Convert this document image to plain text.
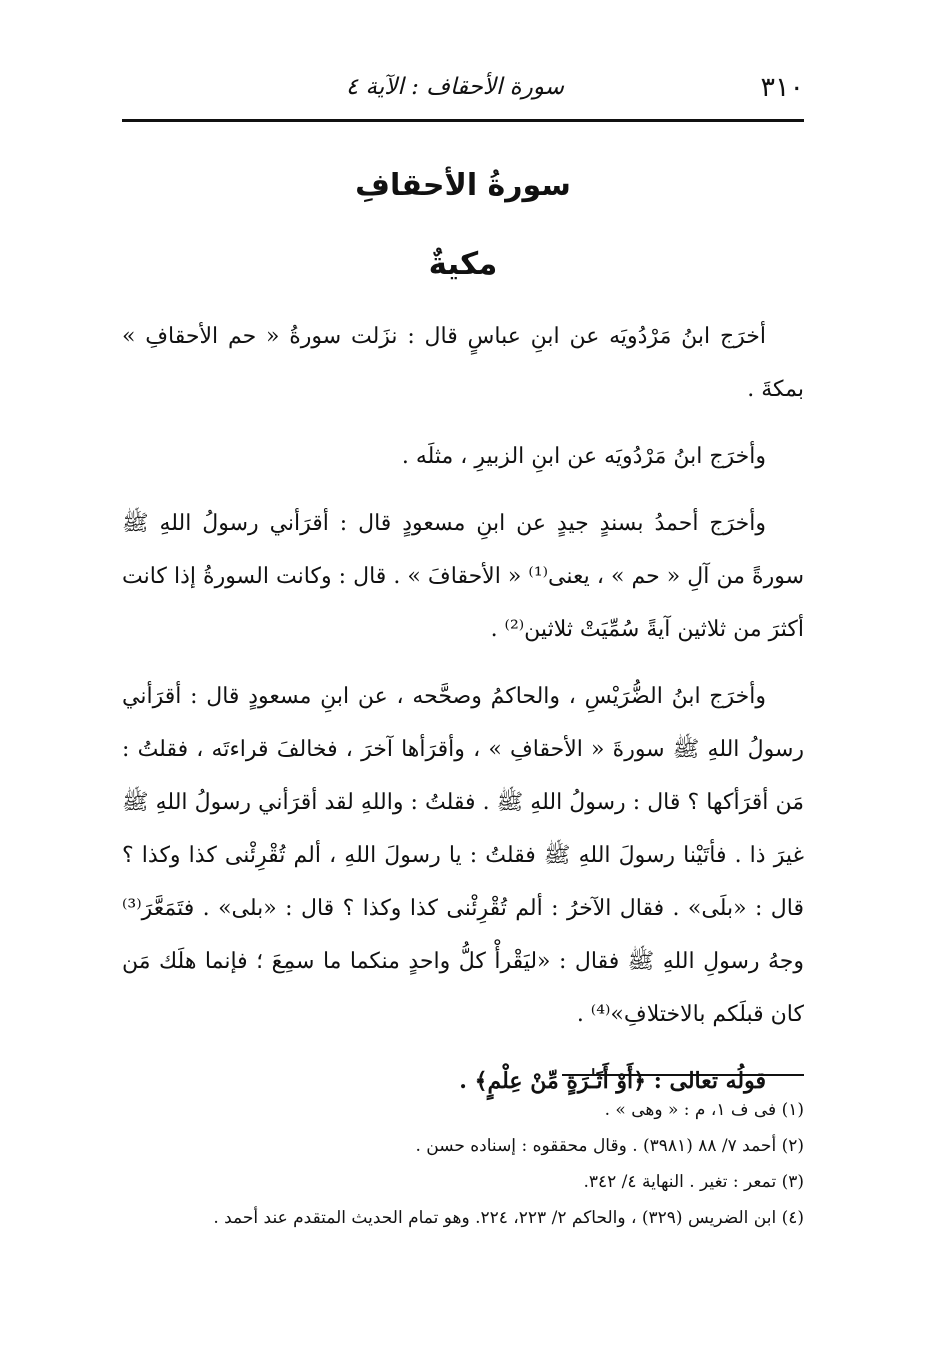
٣١٠
سورة الأحقاف : الآية ٤
سورةُ الأحقافِ
مكيةٌ

أخرَج ابنُ مَرْدُويَه عن ابنِ عباسٍ قال : نزَلت سورةُ « حم الأحقافِ » بمكةَ .

وأخرَج ابنُ مَرْدُويَه عن ابنِ الزبيرِ ، مثلَه .

وأخرَج أحمدُ بسندٍ جيدٍ عن ابنِ مسعودٍ قال : أقرَأني رسولُ اللهِ ﷺ سورةً من آلِ « حم » ، يعنى⁽¹⁾ « الأحقافَ » . قال : وكانت السورةُ إذا كانت أكثرَ من ثلاثين آيةً سُمِّيَتْ ثلاثين⁽²⁾ .

وأخرَج ابنُ الضُّرَيْسِ ، والحاكمُ وصحَّحه ، عن ابنِ مسعودٍ قال : أقرَأني رسولُ اللهِ ﷺ سورةَ « الأحقافِ » ، وأقرَأها آخرَ ، فخالفَ قراءتَه ، فقلتُ : مَن أقرَأكها ؟ قال : رسولُ اللهِ ﷺ . فقلتُ : واللهِ لقد أقرَأني رسولُ اللهِ ﷺ غيرَ ذا . فأتَيْنا رسولَ اللهِ ﷺ فقلتُ : يا رسولَ اللهِ ، ألم تُقْرِئْنى كذا وكذا ؟ قال : «بلَى» . فقال الآخرُ : ألم تُقْرِئْنى كذا وكذا ؟ قال : «بلى» . فتَمَعَّرَ⁽³⁾ وجهُ رسولِ اللهِ ﷺ فقال : «ليَقْرأْ كلُّ واحدٍ منكما ما سمِعَ ؛ فإنما هلَك مَن كان قبلَكم بالاختلافِ»⁽⁴⁾ .

قولُه تعالى : ﴿أَوْ أَثَـٰرَةٍ مِّنْ عِلْمٍ﴾ .

(١) فى ف ١، م : « وهى » .
(٢) أحمد ٧/ ٨٨ (٣٩٨١) . وقال محققوه : إسناده حسن .
(٣) تمعر : تغير . النهاية ٤/ ٣٤٢.
(٤) ابن الضريس (٣٢٩) ، والحاكم ٢/ ٢٢٣، ٢٢٤. وهو تمام الحديث المتقدم عند أحمد .
